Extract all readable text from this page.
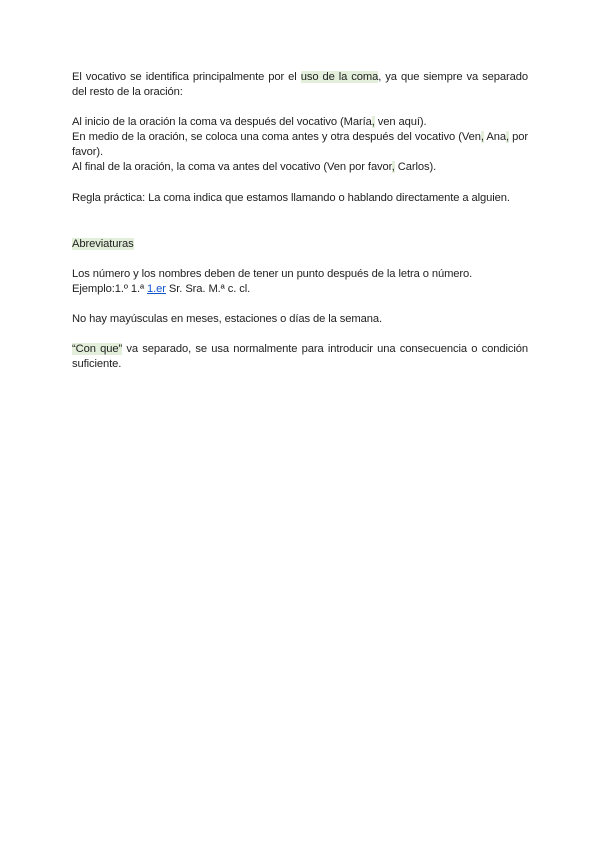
El vocativo se identifica principalmente por el uso de la coma, ya que siempre va separado del resto de la oración:

Al inicio de la oración la coma va después del vocativo (María, ven aquí).

En medio de la oración, se coloca una coma antes y otra después del vocativo (Ven, Ana, por favor).

Al final de la oración, la coma va antes del vocativo (Ven por favor, Carlos).

Regla práctica: La coma indica que estamos llamando o hablando directamente a alguien.

Abreviaturas

Los número y los nombres deben de tener un punto después de la letra o número.

Ejemplo:1.º 1.ª 1.er Sr. Sra. M.ª c. cl.

No hay mayúsculas en meses, estaciones o días de la semana.

“Con que” va separado, se usa normalmente para introducir una consecuencia o condición suficiente.
